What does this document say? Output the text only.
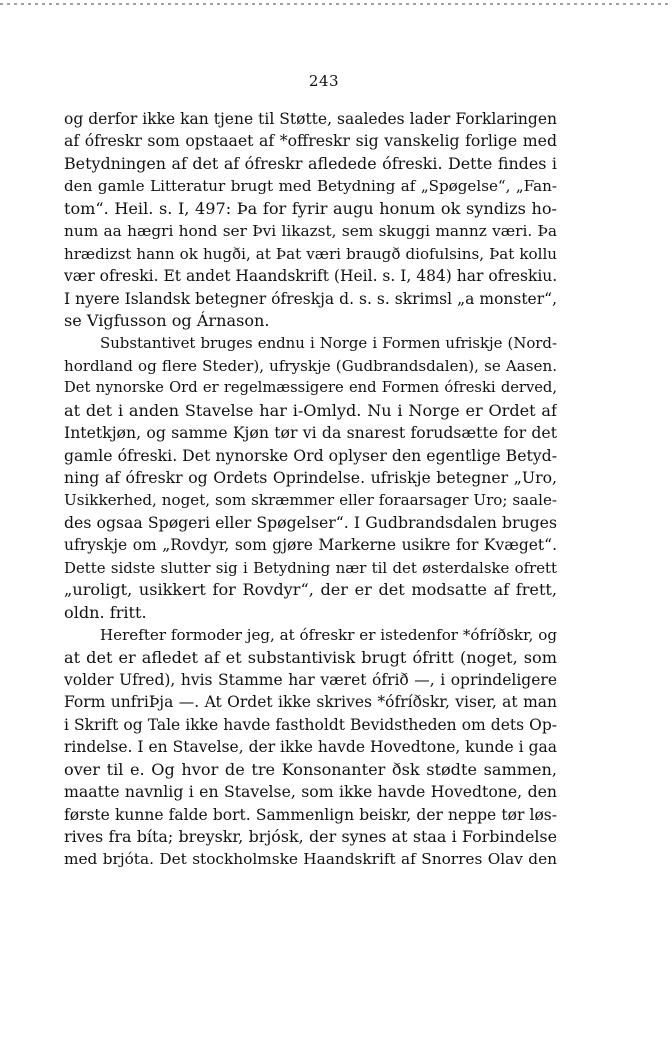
243
og derfor ikke kan tjene til Støtte, saaledes lader Forklaringen
af ófreskr som opstaaet af *offreskr sig vanskelig forlige med
Betydningen af det af ófreskr afledede ófreski. Dette findes i
den gamle Litteratur brugt med Betydning af „Spøgelse“, „Fan-
tom“. Heil. s. I, 497: Þa for fyrir augu honum ok syndizs ho-
num aa hægri hond ser Þvi likazst, sem skuggi mannz væri. Þa
hrædizst hann ok hugði, at Þat væri braugð diofulsins, Þat kollu
vær ofreski. Et andet Haandskrift (Heil. s. I, 484) har ofreskiu.
I nyere Islandsk betegner ófreskja d. s. s. skrimsl „a monster“,
se Vigfusson og Árnason.
Substantivet bruges endnu i Norge i Formen ufriskje (Nord-
hordland og flere Steder), ufryskje (Gudbrandsdalen), se Aasen.
Det nynorske Ord er regelmæssigere end Formen ófreski derved,
at det i anden Stavelse har i-Omlyd. Nu i Norge er Ordet af
Intetkjøn, og samme Kjøn tør vi da snarest forudsætte for det
gamle ófreski. Det nynorske Ord oplyser den egentlige Betyd-
ning af ófreskr og Ordets Oprindelse. ufriskje betegner „Uro,
Usikkerhed, noget, som skræmmer eller foraarsager Uro; saale-
des ogsaa Spøgeri eller Spøgelser“. I Gudbrandsdalen bruges
ufryskje om „Rovdyr, som gjøre Markerne usikre for Kvæget“.
Dette sidste slutter sig i Betydning nær til det østerdalske ofrett
„uroligt, usikkert for Rovdyr“, der er det modsatte af frett,
oldn. fritt.
Herefter formoder jeg, at ófreskr er istedenfor *ófríðskr, og
at det er afledet af et substantivisk brugt ófritt (noget, som
volder Ufred), hvis Stamme har været ófrið —, i oprindeligere
Form unfriÞja —. At Ordet ikke skrives *ófríðskr, viser, at man
i Skrift og Tale ikke havde fastholdt Bevidstheden om dets Op-
rindelse. I en Stavelse, der ikke havde Hovedtone, kunde i gaa
over til e. Og hvor de tre Konsonanter ðsk stødte sammen,
maatte navnlig i en Stavelse, som ikke havde Hovedtone, den
første kunne falde bort. Sammenlign beiskr, der neppe tør løs-
rives fra bíta; breyskr, brjósk, der synes at staa i Forbindelse
med brjóta. Det stockholmske Haandskrift af Snorres Olav den
